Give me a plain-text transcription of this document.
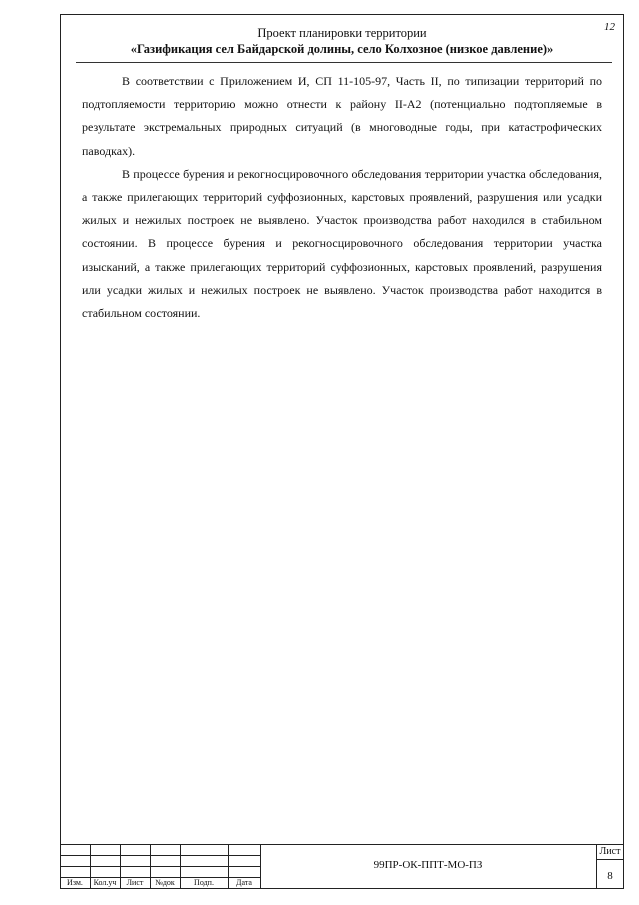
12
Проект планировки территории
«Газификация сел Байдарской долины, село Колхозное (низкое давление)»

В соответствии с Приложением И, СП 11-105-97, Часть II, по типизации территорий по подтопляемости территорию можно отнести к району II-А2 (потенциально подтопляемые в результате экстремальных природных ситуаций (в многоводные годы, при катастрофических паводках).

В процессе бурения и рекогносцировочного обследования территории участка обследования, а также прилегающих территорий суффозионных, карстовых проявлений, разрушения или усадки жилых и нежилых построек не выявлено. Участок производства работ находился в стабильном состоянии. В процессе бурения и рекогносцировочного обследования территории участка изысканий, а также прилегающих территорий суффозионных, карстовых проявлений, разрушения или усадки жилых и нежилых построек не выявлено. Участок производства работ находится в стабильном состоянии.

Изм.	Кол.уч	Лист	№док	Подп.	Дата
99ПР-ОК-ППТ-МО-ПЗ
Лист
8
